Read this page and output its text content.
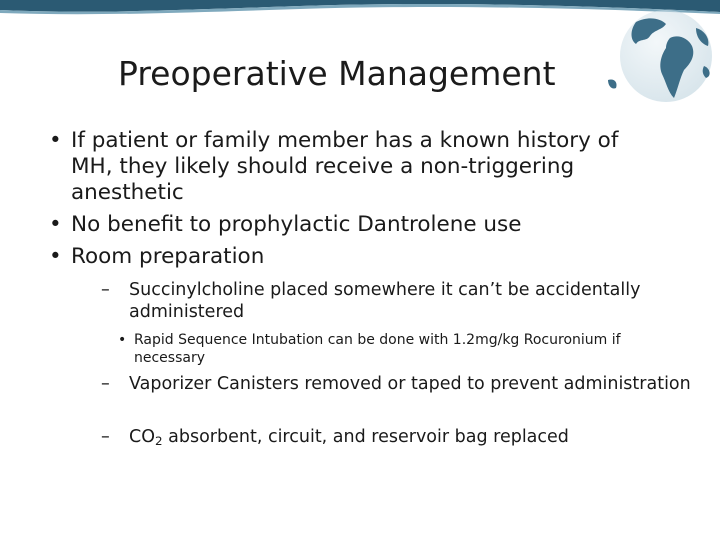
Preoperative Management
• If patient or family member has a known history of MH, they likely should receive a non-triggering anesthetic
• No benefit to prophylactic Dantrolene use
• Room preparation
– Succinylcholine placed somewhere it can’t be accidentally administered
• Rapid Sequence Intubation can be done with 1.2mg/kg Rocuronium if necessary
– Vaporizer Canisters removed or taped to prevent administration
– $CO_2$ absorbent, circuit, and reservoir bag replaced
